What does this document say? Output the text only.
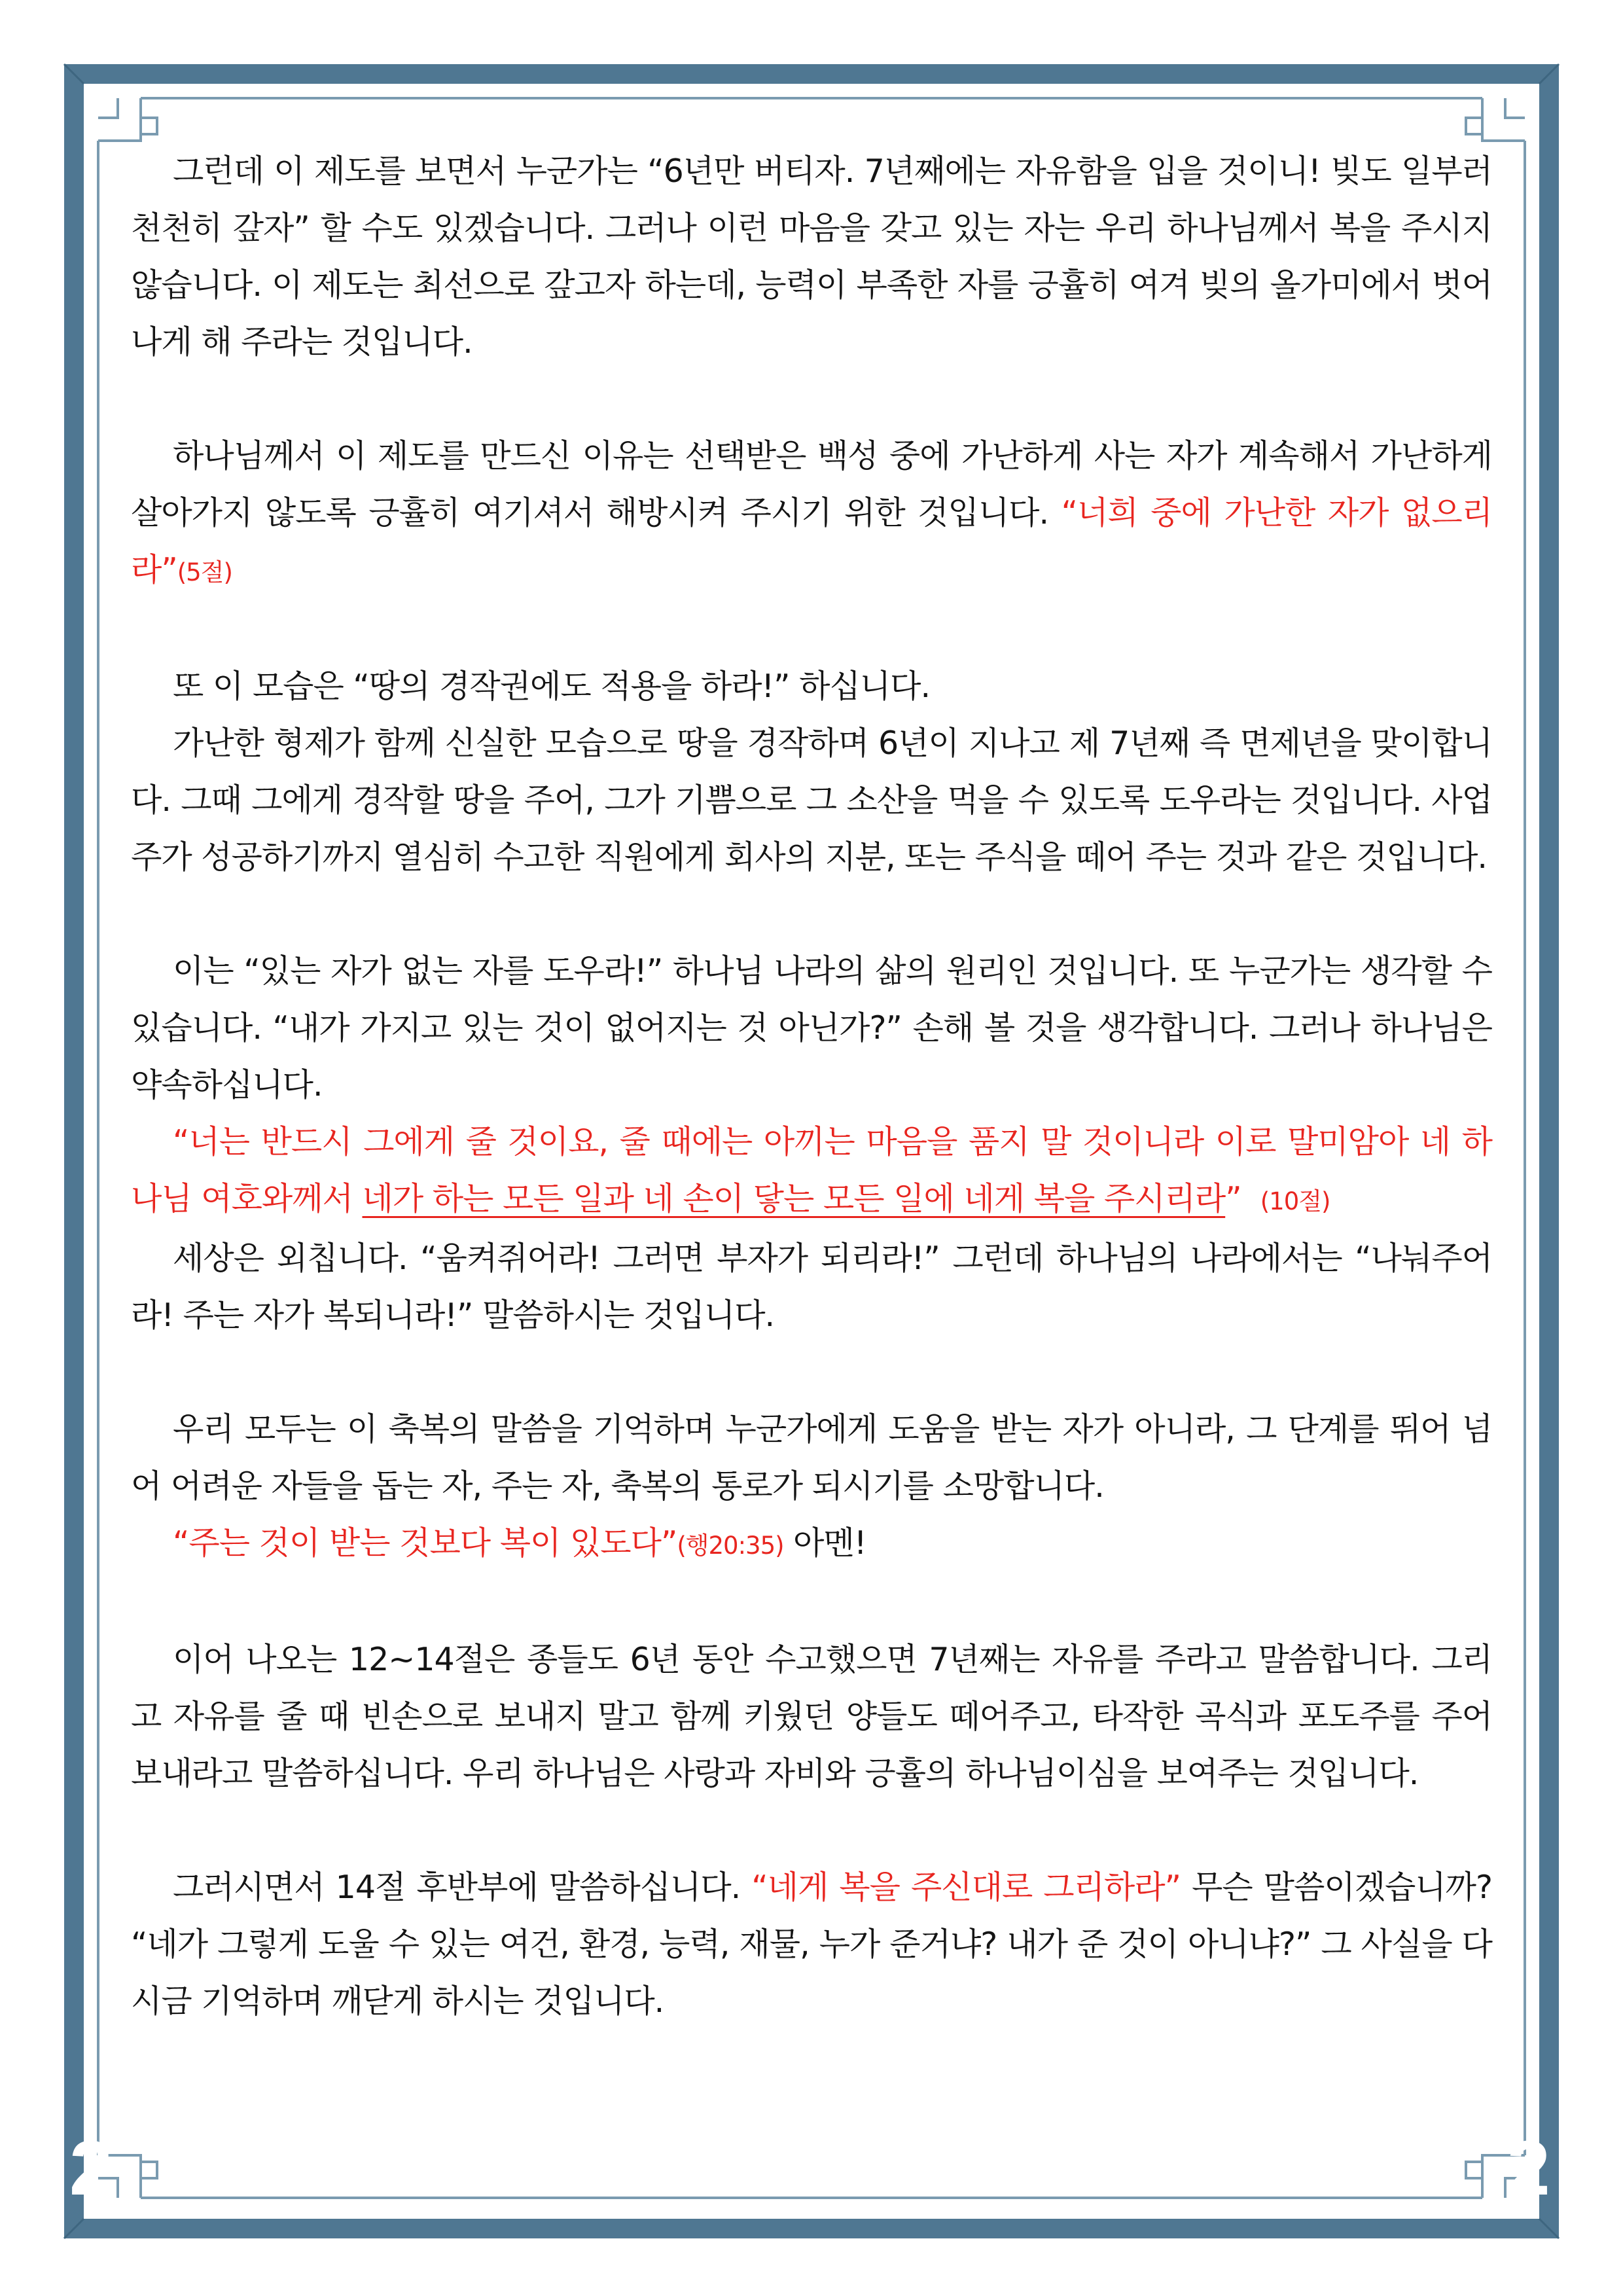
2	2

그런데 이 제도를 보면서 누군가는 “6년만 버티자. 7년째에는 자유함을 입을 것이니! 빚도 일부러 천천히 갚자” 할 수도 있겠습니다. 그러나 이런 마음을 갖고 있는 자는 우리 하나님께서 복을 주시지 않습니다. 이 제도는 최선으로 갚고자 하는데, 능력이 부족한 자를 긍휼히 여겨 빚의 올가미에서 벗어나게 해 주라는 것입니다.

하나님께서 이 제도를 만드신 이유는 선택받은 백성 중에 가난하게 사는 자가 계속해서 가난하게 살아가지 않도록 긍휼히 여기셔서 해방시켜 주시기 위한 것입니다. “너희 중에 가난한 자가 없으리라”(5절)

또 이 모습은 “땅의 경작권에도 적용을 하라!” 하십니다.

가난한 형제가 함께 신실한 모습으로 땅을 경작하며 6년이 지나고 제 7년째 즉 면제년을 맞이합니다. 그때 그에게 경작할 땅을 주어, 그가 기쁨으로 그 소산을 먹을 수 있도록 도우라는 것입니다. 사업주가 성공하기까지 열심히 수고한 직원에게 회사의 지분, 또는 주식을 떼어 주는 것과 같은 것입니다.

이는 “있는 자가 없는 자를 도우라!” 하나님 나라의 삶의 원리인 것입니다. 또 누군가는 생각할 수 있습니다. “내가 가지고 있는 것이 없어지는 것 아닌가?” 손해 볼 것을 생각합니다. 그러나 하나님은 약속하십니다.

“너는 반드시 그에게 줄 것이요, 줄 때에는 아끼는 마음을 품지 말 것이니라 이로 말미암아 네 하나님 여호와께서 네가 하는 모든 일과 네 손이 닿는 모든 일에 네게 복을 주시리라” (10절)

세상은 외칩니다. “움켜쥐어라! 그러면 부자가 되리라!” 그런데 하나님의 나라에서는 “나눠주어라! 주는 자가 복되니라!” 말씀하시는 것입니다.

우리 모두는 이 축복의 말씀을 기억하며 누군가에게 도움을 받는 자가 아니라, 그 단계를 뛰어 넘어 어려운 자들을 돕는 자, 주는 자, 축복의 통로가 되시기를 소망합니다.

“주는 것이 받는 것보다 복이 있도다”(행20:35) 아멘!

이어 나오는 12~14절은 종들도 6년 동안 수고했으면 7년째는 자유를 주라고 말씀합니다. 그리고 자유를 줄 때 빈손으로 보내지 말고 함께 키웠던 양들도 떼어주고, 타작한 곡식과 포도주를 주어 보내라고 말씀하십니다. 우리 하나님은 사랑과 자비와 긍휼의 하나님이심을 보여주는 것입니다.

그러시면서 14절 후반부에 말씀하십니다. “네게 복을 주신대로 그리하라” 무슨 말씀이겠습니까? “네가 그렇게 도울 수 있는 여건, 환경, 능력, 재물, 누가 준거냐? 내가 준 것이 아니냐?” 그 사실을 다시금 기억하며 깨닫게 하시는 것입니다.
